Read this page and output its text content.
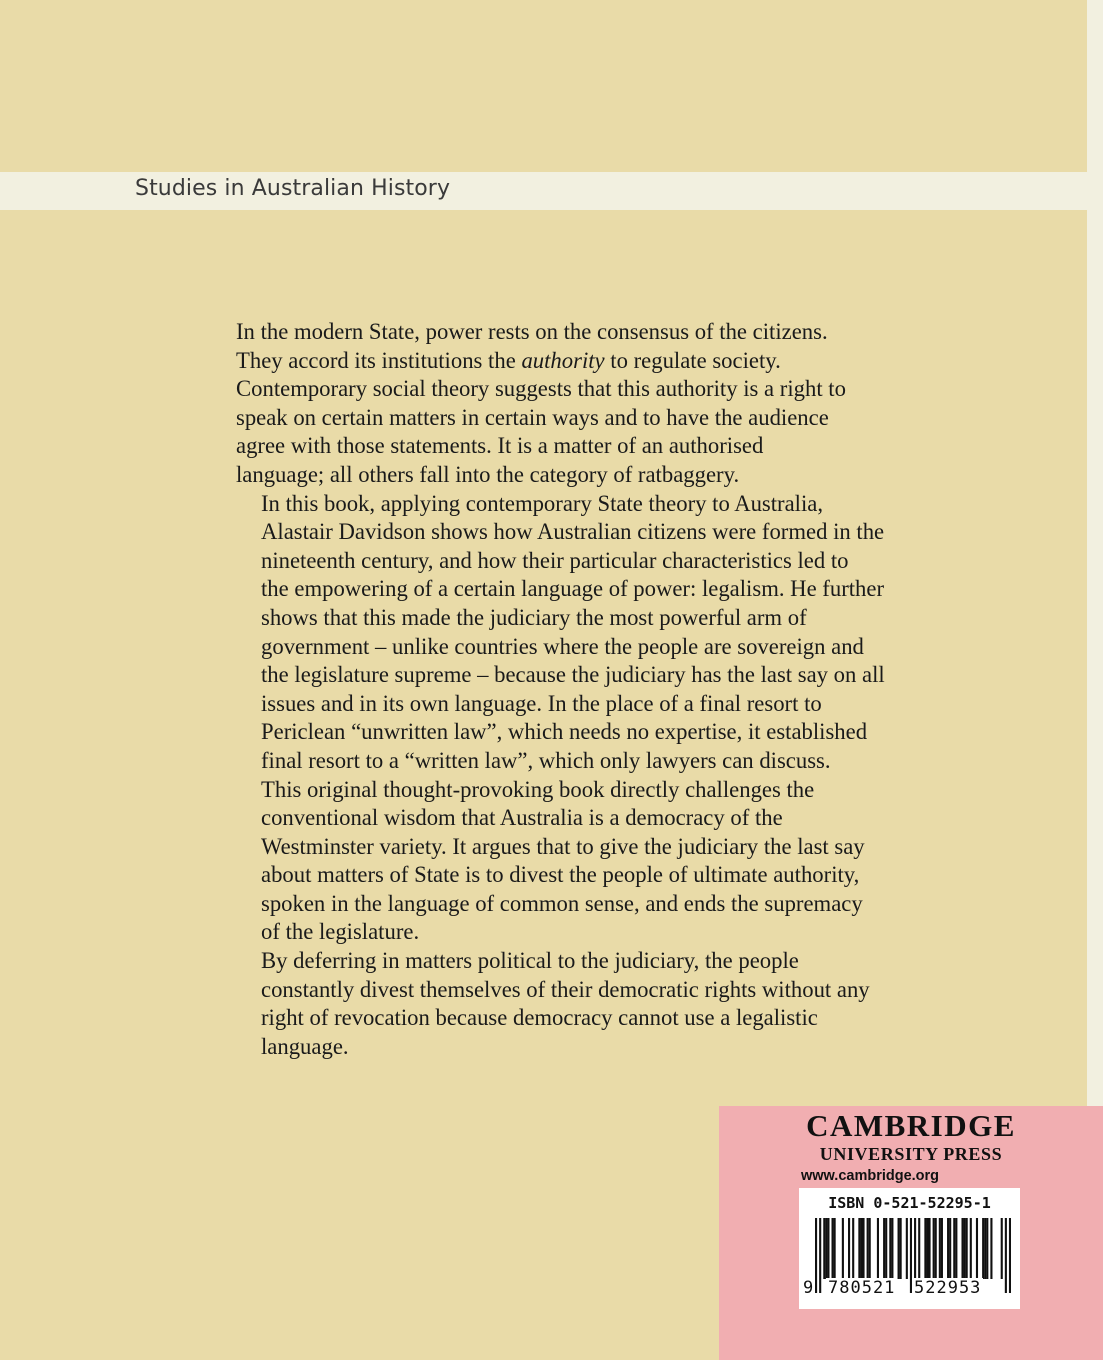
Studies in Australian History

In the modern State, power rests on the consensus of the citizens.
They accord its institutions the authority to regulate society.
Contemporary social theory suggests that this authority is a right to
speak on certain matters in certain ways and to have the audience
agree with those statements. It is a matter of an authorised
language; all others fall into the category of ratbaggery.

In this book, applying contemporary State theory to Australia,
Alastair Davidson shows how Australian citizens were formed in the
nineteenth century, and how their particular characteristics led to
the empowering of a certain language of power: legalism. He further
shows that this made the judiciary the most powerful arm of
government – unlike countries where the people are sovereign and
the legislature supreme – because the judiciary has the last say on all
issues and in its own language. In the place of a final resort to
Periclean “unwritten law”, which needs no expertise, it established
final resort to a “written law”, which only lawyers can discuss.

This original thought-provoking book directly challenges the
conventional wisdom that Australia is a democracy of the
Westminster variety. It argues that to give the judiciary the last say
about matters of State is to divest the people of ultimate authority,
spoken in the language of common sense, and ends the supremacy
of the legislature.

By deferring in matters political to the judiciary, the people
constantly divest themselves of their democratic rights without any
right of revocation because democracy cannot use a legalistic
language.

CAMBRIDGE
UNIVERSITY PRESS
www.cambridge.org
ISBN 0-521-52295-1
9 780521 522953
